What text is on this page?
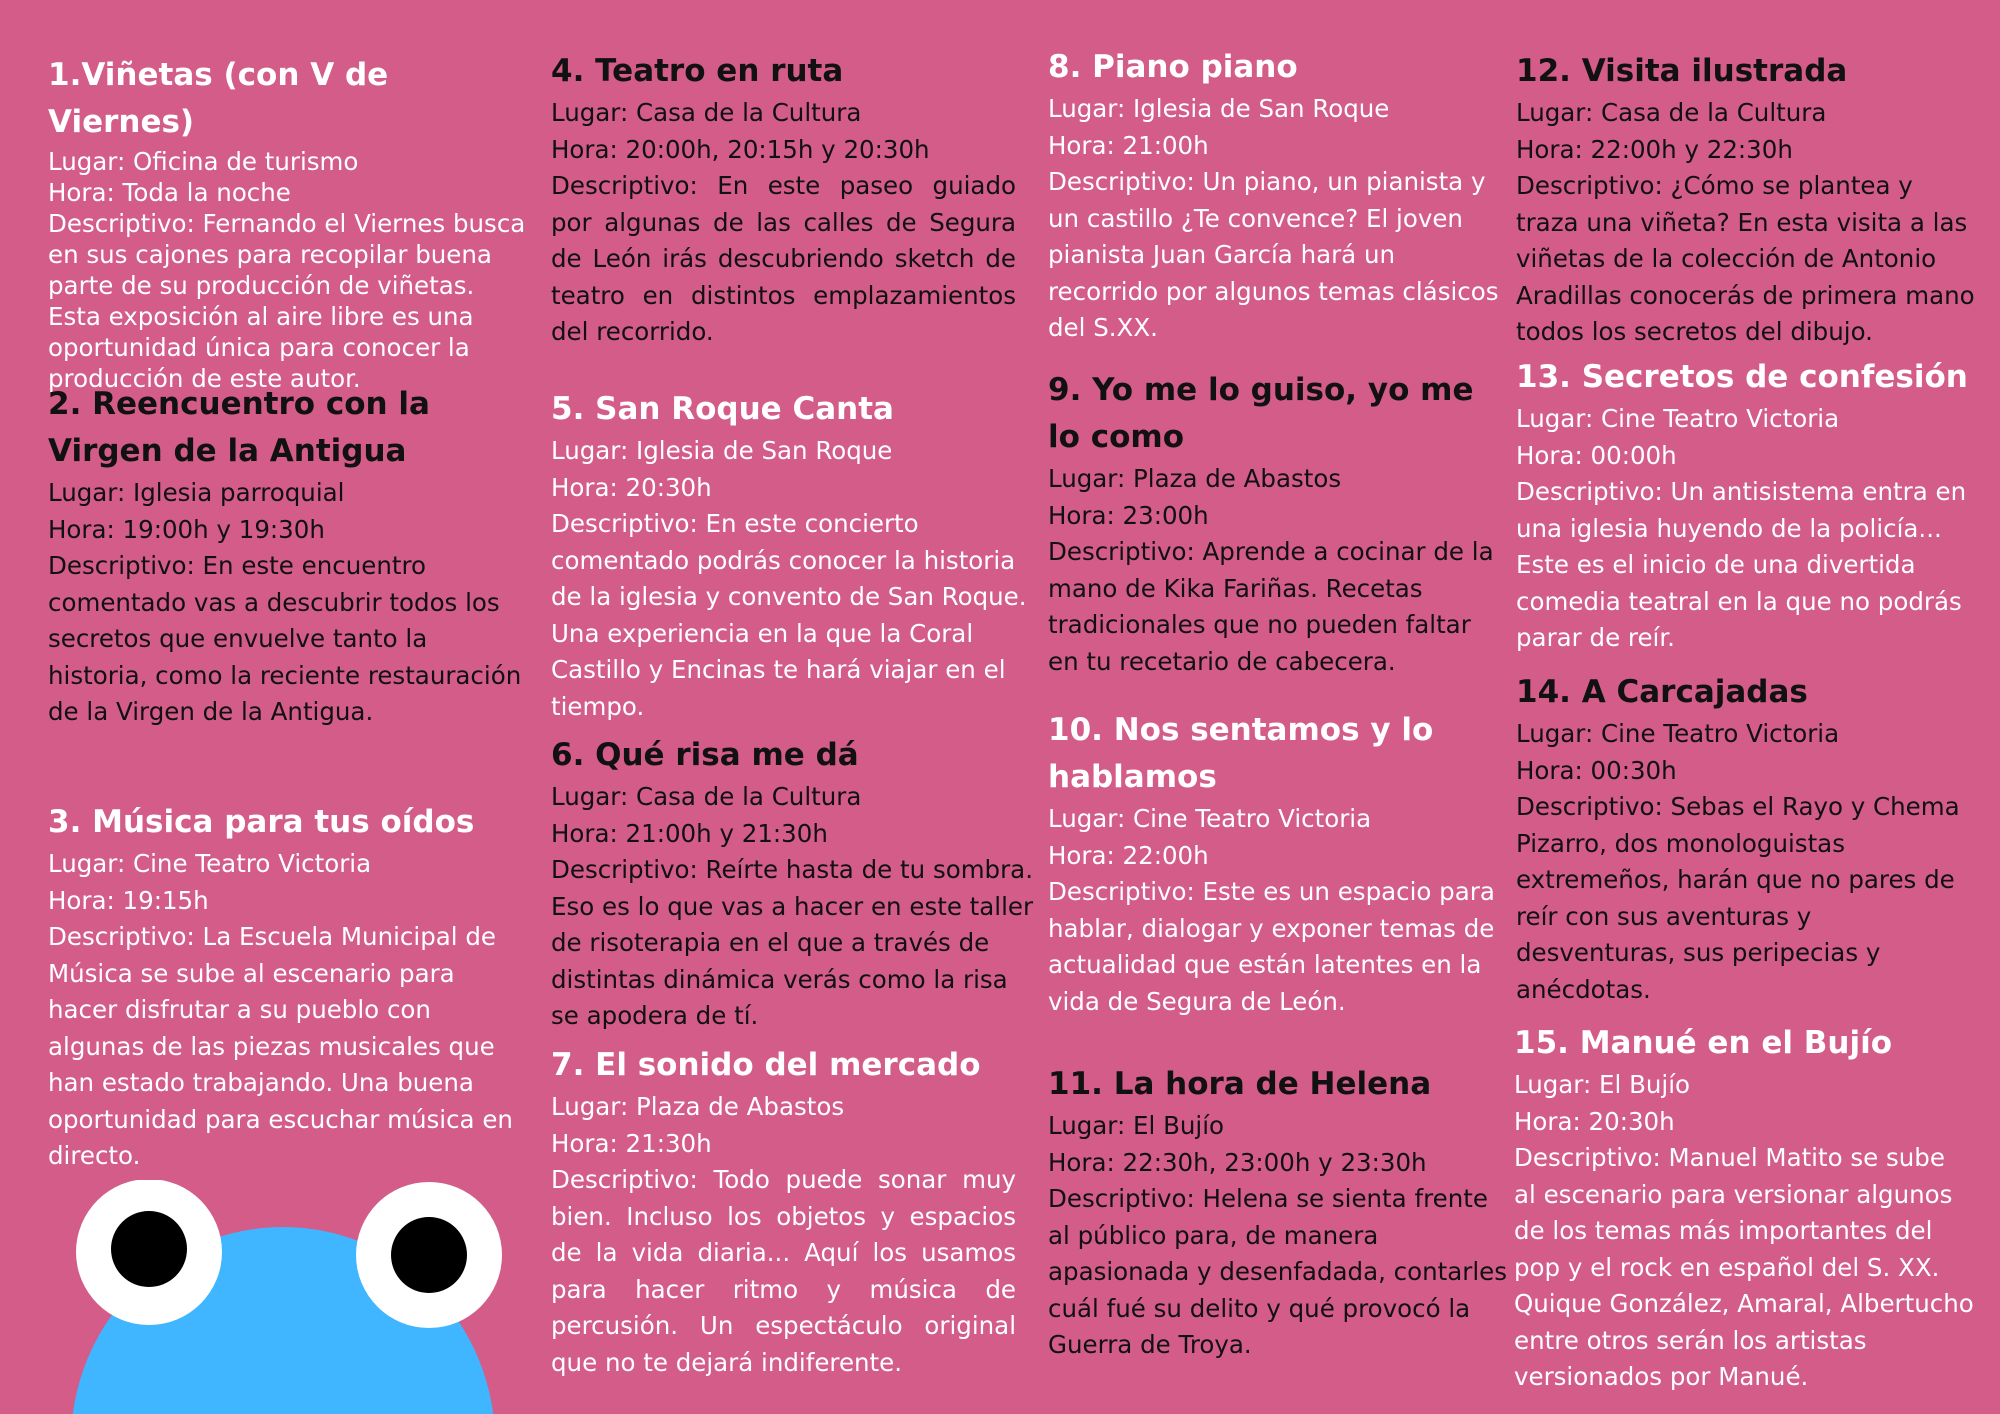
1.Viñetas (con V de Viernes)

Lugar: Oficina de turismo

Hora: Toda la noche

Descriptivo: Fernando el Viernes busca en sus cajones para recopilar buena parte de su producción de viñetas. Esta exposición al aire libre es una oportunidad única para conocer la producción de este autor.

2. Reencuentro con la Virgen de la Antigua

Lugar: Iglesia parroquial

Hora: 19:00h y 19:30h

Descriptivo: En este encuentro comentado vas a descubrir todos los secretos que envuelve tanto la historia, como la reciente restauración de la Virgen de la Antigua.

3. Música para tus oídos

Lugar: Cine Teatro Victoria

Hora: 19:15h

Descriptivo: La Escuela Municipal de Música se sube al escenario para hacer disfrutar a su pueblo con algunas de las piezas musicales que han estado trabajando. Una buena oportunidad para escuchar música en directo.

4. Teatro en ruta

Lugar: Casa de la Cultura

Hora: 20:00h, 20:15h y 20:30h

Descriptivo: En este paseo guiado por algunas de las calles de Segura de León irás descubriendo sketch de teatro en distintos emplazamientos del recorrido.

5. San Roque Canta

Lugar: Iglesia de San Roque

Hora: 20:30h

Descriptivo: En este concierto comentado podrás conocer la historia de la iglesia y convento de San Roque. Una experiencia en la que la Coral Castillo y Encinas te hará viajar en el tiempo.

6. Qué risa me dá

Lugar: Casa de la Cultura

Hora: 21:00h y 21:30h

Descriptivo: Reírte hasta de tu sombra. Eso es lo que vas a hacer en este taller de risoterapia en el que a través de distintas dinámica verás como la risa se apodera de tí.

7. El sonido del mercado

Lugar: Plaza de Abastos

Hora: 21:30h

Descriptivo: Todo puede sonar muy bien. Incluso los objetos y espacios de la vida diaria... Aquí los usamos para hacer ritmo y música de percusión. Un espectáculo original que no te dejará indiferente.

8. Piano piano

Lugar: Iglesia de San Roque

Hora: 21:00h

Descriptivo: Un piano, un pianista y un castillo ¿Te convence? El joven pianista Juan García hará un recorrido por algunos temas clásicos del S.XX.

9. Yo me lo guiso, yo me lo como

Lugar: Plaza de Abastos

Hora: 23:00h

Descriptivo: Aprende a cocinar de la mano de Kika Fariñas. Recetas tradicionales que no pueden faltar en tu recetario de cabecera.

10. Nos sentamos y lo hablamos

Lugar: Cine Teatro Victoria

Hora: 22:00h

Descriptivo: Este es un espacio para hablar, dialogar y exponer temas de actualidad que están latentes en la vida de Segura de León.

11. La hora de Helena

Lugar: El Bujío

Hora: 22:30h, 23:00h y 23:30h

Descriptivo: Helena se sienta frente al público para, de manera apasionada y desenfadada, contarles cuál fué su delito y qué provocó la Guerra de Troya.

12. Visita ilustrada

Lugar: Casa de la Cultura

Hora: 22:00h y 22:30h

Descriptivo: ¿Cómo se plantea y traza una viñeta? En esta visita a las viñetas de la colección de Antonio Aradillas conocerás de primera mano todos los secretos del dibujo.

13. Secretos de confesión

Lugar: Cine Teatro Victoria

Hora: 00:00h

Descriptivo: Un antisistema entra en una iglesia huyendo de la policía... Este es el inicio de una divertida comedia teatral en la que no podrás parar de reír.

14. A Carcajadas

Lugar: Cine Teatro Victoria

Hora: 00:30h

Descriptivo: Sebas el Rayo y Chema Pizarro, dos monologuistas extremeños, harán que no pares de reír con sus aventuras y desventuras, sus peripecias y anécdotas.

15. Manué en el Bujío

Lugar: El Bujío

Hora: 20:30h

Descriptivo: Manuel Matito se sube al escenario para versionar algunos de los temas más importantes del pop y el rock en español del S. XX. Quique González, Amaral, Albertucho entre otros serán los artistas versionados por Manué.
